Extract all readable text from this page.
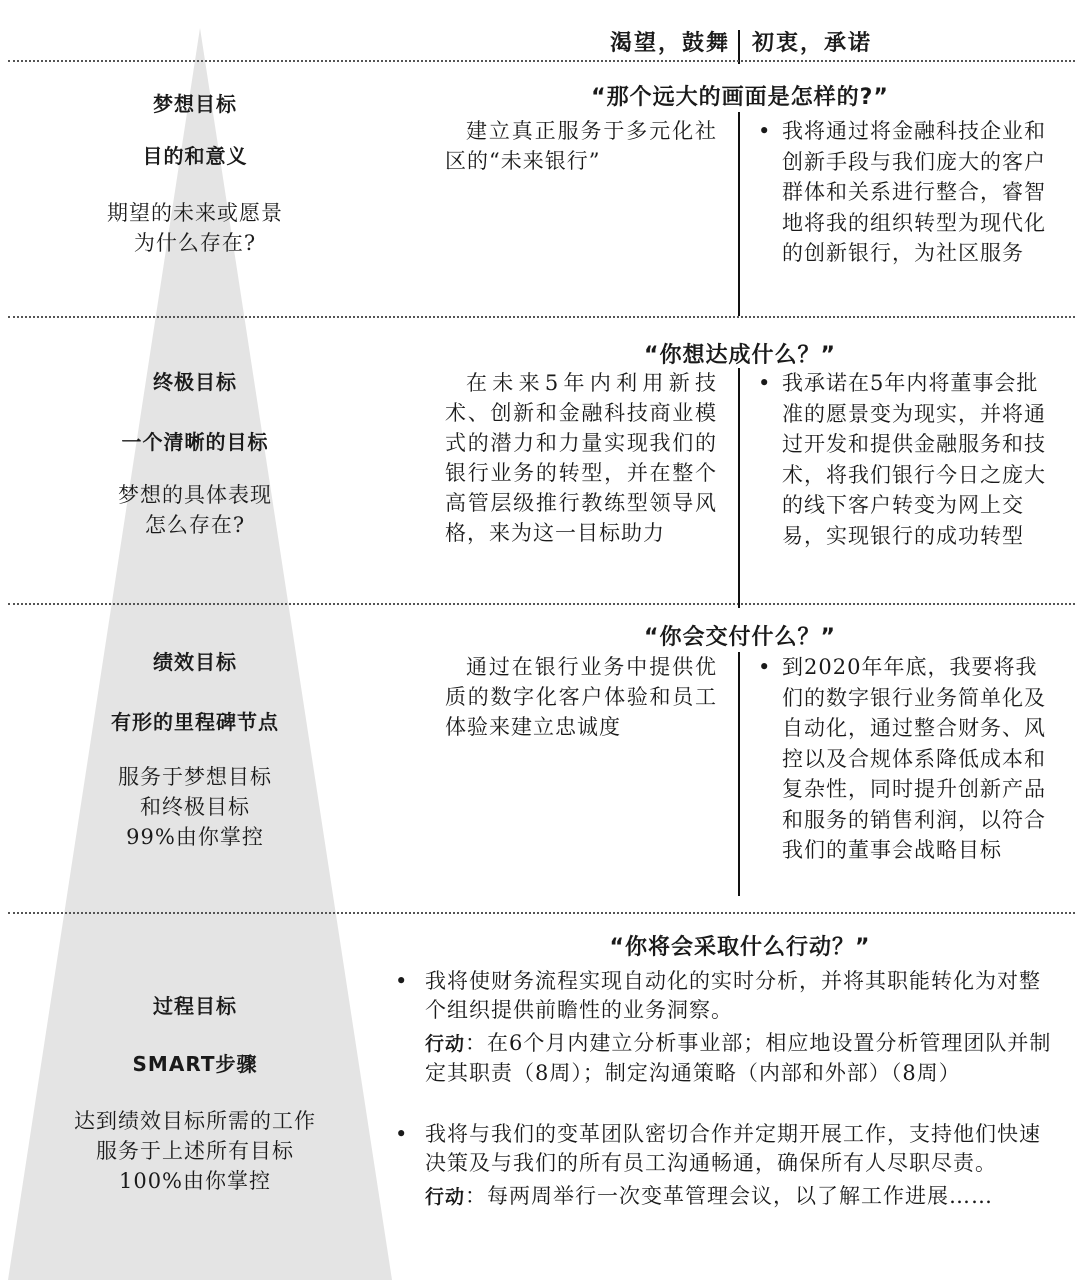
渴望，鼓舞 初衷，承诺
梦想目标
目的和意义
期望的未来或愿景
为什么存在?
“那个远大的画面是怎样的?”
建立真正服务于多元化社区的“未来银行”
• 我将通过将金融科技企业和创新手段与我们庞大的客户群体和关系进行整合，睿智地将我的组织转型为现代化的创新银行，为社区服务
终极目标
一个清晰的目标
梦想的具体表现
怎么存在?
“你想达成什么？”
在未来5年内利用新技术、创新和金融科技商业模式的潜力和力量实现我们的银行业务的转型，并在整个高管层级推行教练型领导风格，来为这一目标助力
• 我承诺在5年内将董事会批准的愿景变为现实，并将通过开发和提供金融服务和技术，将我们银行今日之庞大的线下客户转变为网上交易，实现银行的成功转型
绩效目标
有形的里程碑节点
服务于梦想目标
和终极目标
99%由你掌控
“你会交付什么？”
通过在银行业务中提供优质的数字化客户体验和员工体验来建立忠诚度
• 到2020年年底，我要将我们的数字银行业务简单化及自动化，通过整合财务、风控以及合规体系降低成本和复杂性，同时提升创新产品和服务的销售利润，以符合我们的董事会战略目标
过程目标
SMART步骤
达到绩效目标所需的工作
服务于上述所有目标
100%由你掌控
“你将会采取什么行动？”
• 我将使财务流程实现自动化的实时分析，并将其职能转化为对整个组织提供前瞻性的业务洞察。
行动：在6个月内建立分析事业部；相应地设置分析管理团队并制定其职责（8周）；制定沟通策略（内部和外部）（8周）
• 我将与我们的变革团队密切合作并定期开展工作，支持他们快速决策及与我们的所有员工沟通畅通，确保所有人尽职尽责。
行动：每两周举行一次变革管理会议，以了解工作进展……
